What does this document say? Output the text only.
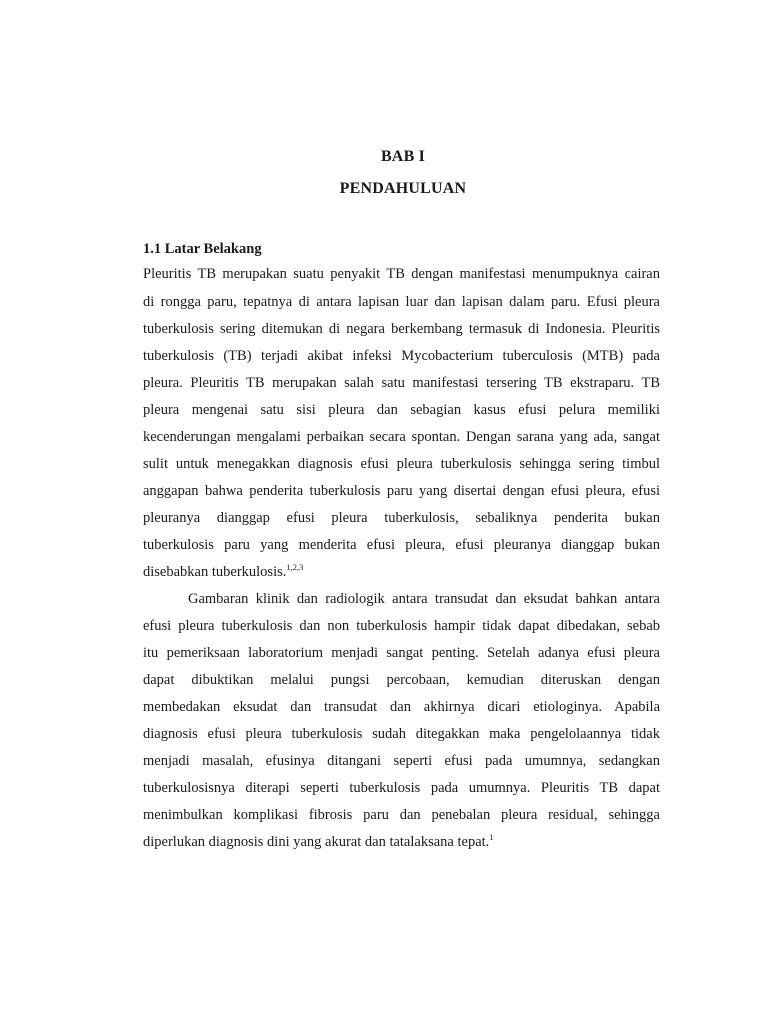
BAB I
PENDAHULUAN
1.1 Latar Belakang
Pleuritis TB merupakan suatu penyakit TB dengan manifestasi menumpuknya cairan
di rongga paru, tepatnya di antara lapisan luar dan lapisan dalam paru. Efusi pleura
tuberkulosis sering ditemukan di negara berkembang termasuk di Indonesia. Pleuritis
tuberkulosis (TB) terjadi akibat infeksi Mycobacterium tuberculosis (MTB) pada
pleura. Pleuritis TB merupakan salah satu manifestasi tersering TB ekstraparu. TB
pleura mengenai satu sisi pleura dan sebagian kasus efusi pelura memiliki
kecenderungan mengalami perbaikan secara spontan. Dengan sarana yang ada, sangat
sulit untuk menegakkan diagnosis efusi pleura tuberkulosis sehingga sering timbul
anggapan bahwa penderita tuberkulosis paru yang disertai dengan efusi pleura, efusi
pleuranya dianggap efusi pleura tuberkulosis, sebaliknya penderita bukan
tuberkulosis paru yang menderita efusi pleura, efusi pleuranya dianggap bukan
disebabkan tuberkulosis.$^{1,2,3}$
Gambaran klinik dan radiologik antara transudat dan eksudat bahkan antara
efusi pleura tuberkulosis dan non tuberkulosis hampir tidak dapat dibedakan, sebab
itu pemeriksaan laboratorium menjadi sangat penting. Setelah adanya efusi pleura
dapat dibuktikan melalui pungsi percobaan, kemudian diteruskan dengan
membedakan eksudat dan transudat dan akhirnya dicari etiologinya. Apabila
diagnosis efusi pleura tuberkulosis sudah ditegakkan maka pengelolaannya tidak
menjadi masalah, efusinya ditangani seperti efusi pada umumnya, sedangkan
tuberkulosisnya diterapi seperti tuberkulosis pada umumnya. Pleuritis TB dapat
menimbulkan komplikasi fibrosis paru dan penebalan pleura residual, sehingga
diperlukan diagnosis dini yang akurat dan tatalaksana tepat.$^1$
